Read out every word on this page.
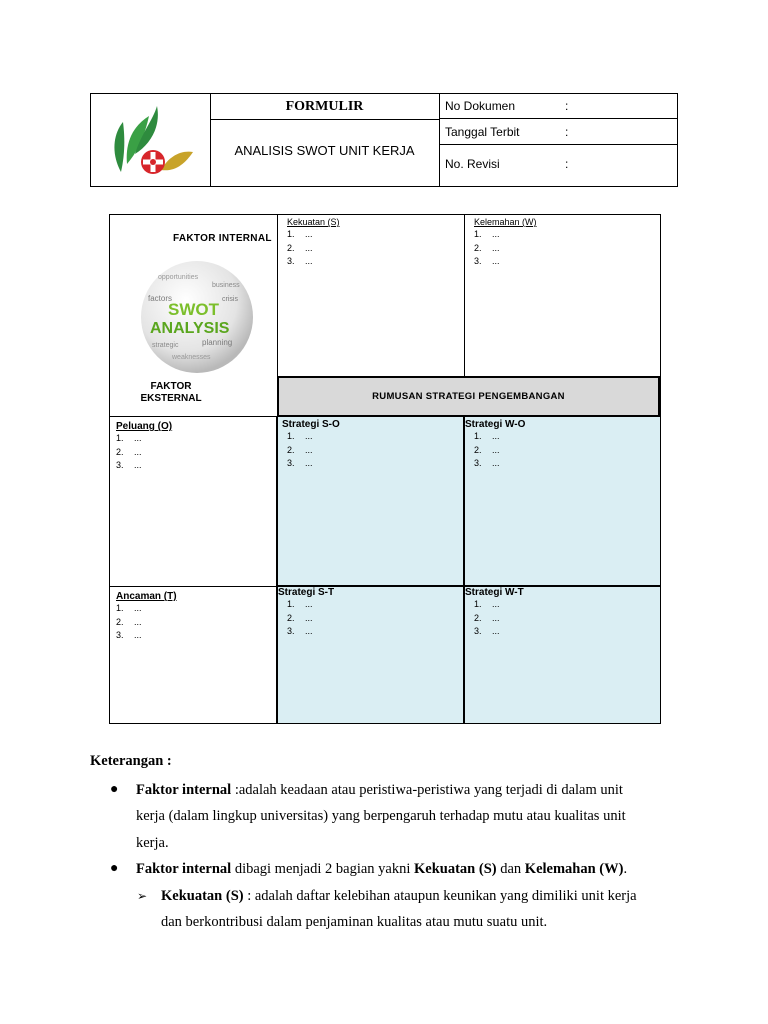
FORMULIR
ANALISIS SWOT UNIT KERJA
No Dokumen	:
Tanggal Terbit	:
No. Revisi	:
FAKTOR INTERNAL
opportunities
business
factors	crisis
SWOT
ANALYSIS
strategic	planning
weaknesses
FAKTOR
EKSTERNAL
Kekuatan (S)
1. ...
2. ...
3. ...
Kelemahan (W)
1. ...
2. ...
3. ...
RUMUSAN STRATEGI PENGEMBANGAN
Peluang (O)
1. ...
2. ...
3. ...
Strategi S-O
1. ...
2. ...
3. ...
Strategi W-O
1. ...
2. ...
3. ...
Ancaman (T)
1. ...
2. ...
3. ...
Strategi S-T
1. ...
2. ...
3. ...
Strategi W-T
1. ...
2. ...
3. ...
Keterangan :
● Faktor internal :adalah keadaan atau peristiwa-peristiwa yang terjadi di dalam unit
kerja (dalam lingkup universitas) yang berpengaruh terhadap mutu atau kualitas unit
kerja.
● Faktor internal dibagi menjadi 2 bagian yakni Kekuatan (S) dan Kelemahan (W).
➢ Kekuatan (S) : adalah daftar kelebihan ataupun keunikan yang dimiliki unit kerja
dan berkontribusi dalam penjaminan kualitas atau mutu suatu unit.
